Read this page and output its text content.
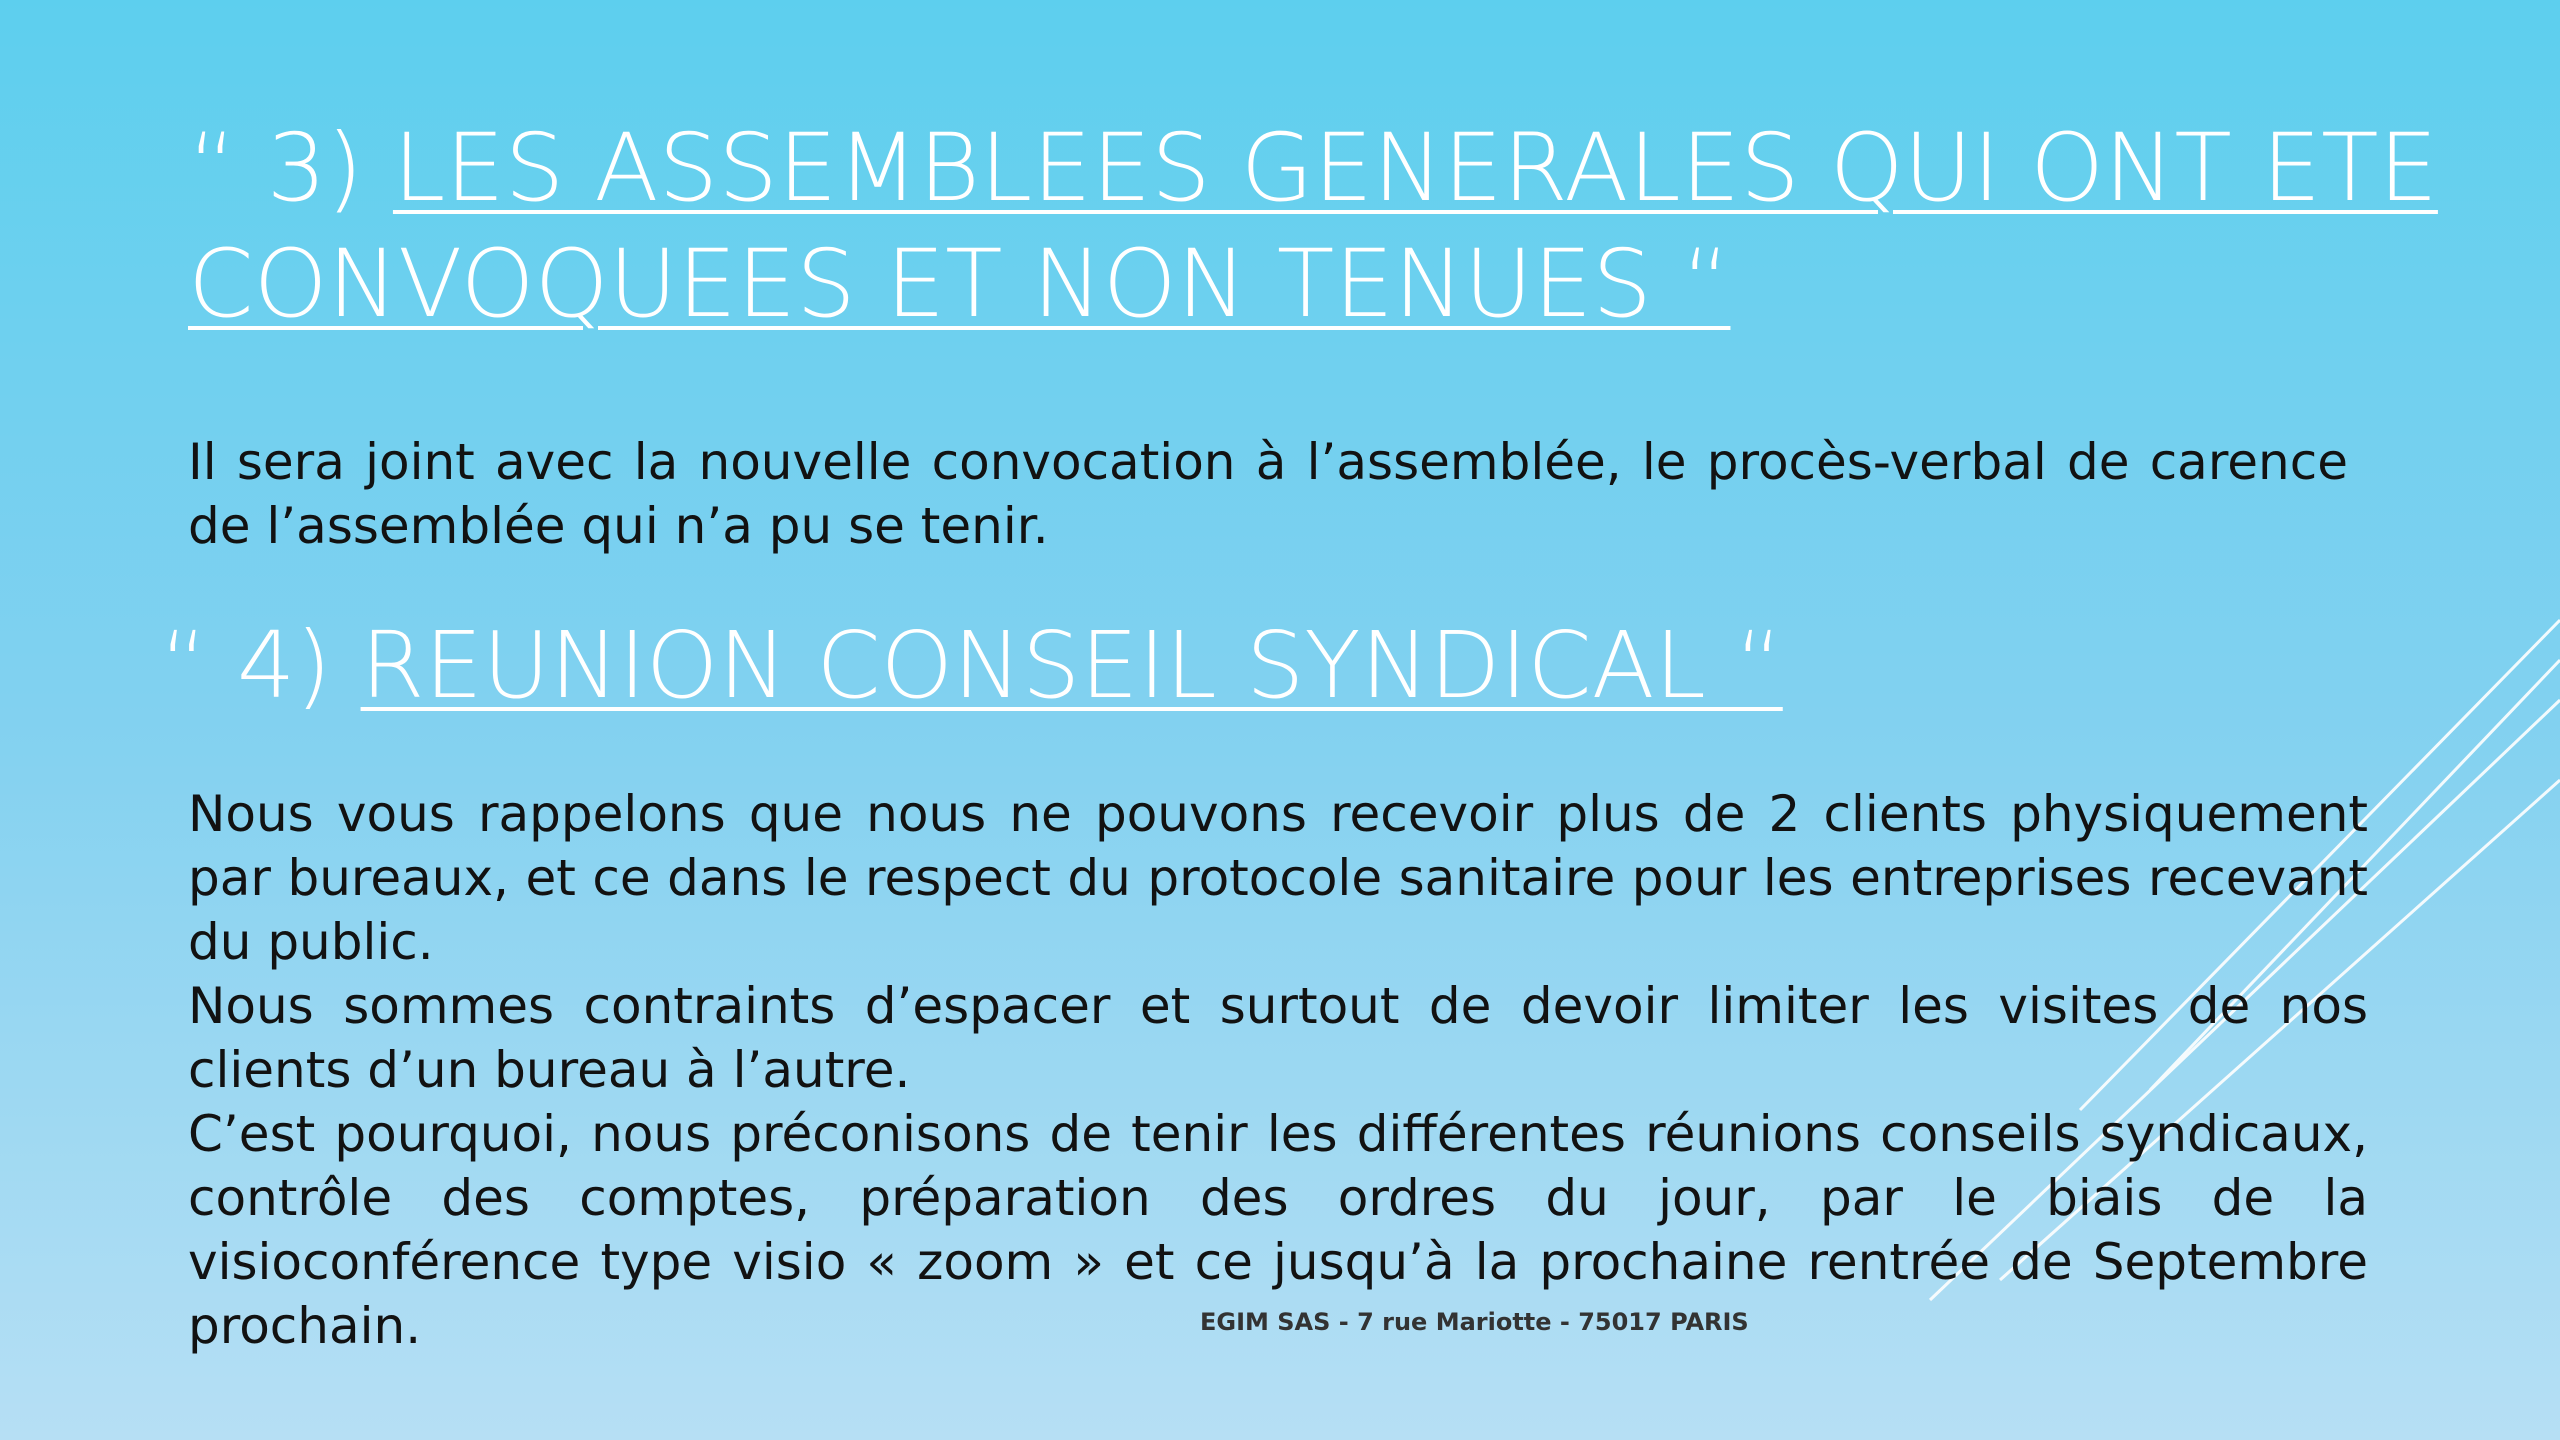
“ 3) LES ASSEMBLEES GENERALES QUI ONT ETE
CONVOQUEES ET NON TENUES “

Il sera joint avec la nouvelle convocation à l’assemblée, le procès-verbal de carence de l’assemblée qui n’a pu se tenir.

“ 4) REUNION CONSEIL SYNDICAL “
Nous vous rappelons que nous ne pouvons recevoir plus de 2 clients physiquement par bureaux, et ce dans le respect du protocole sanitaire pour les entreprises recevant du public.
Nous sommes contraints d’espacer et surtout de devoir limiter les visites de nos clients d’un bureau à l’autre.
C’est pourquoi, nous préconisons de tenir les différentes réunions conseils syndicaux, contrôle des comptes, préparation des ordres du jour, par le biais de la visioconférence type visio « zoom » et ce jusqu’à la prochaine rentrée de Septembre prochain.	EGIM SAS - 7 rue Mariotte - 75017 PARIS
